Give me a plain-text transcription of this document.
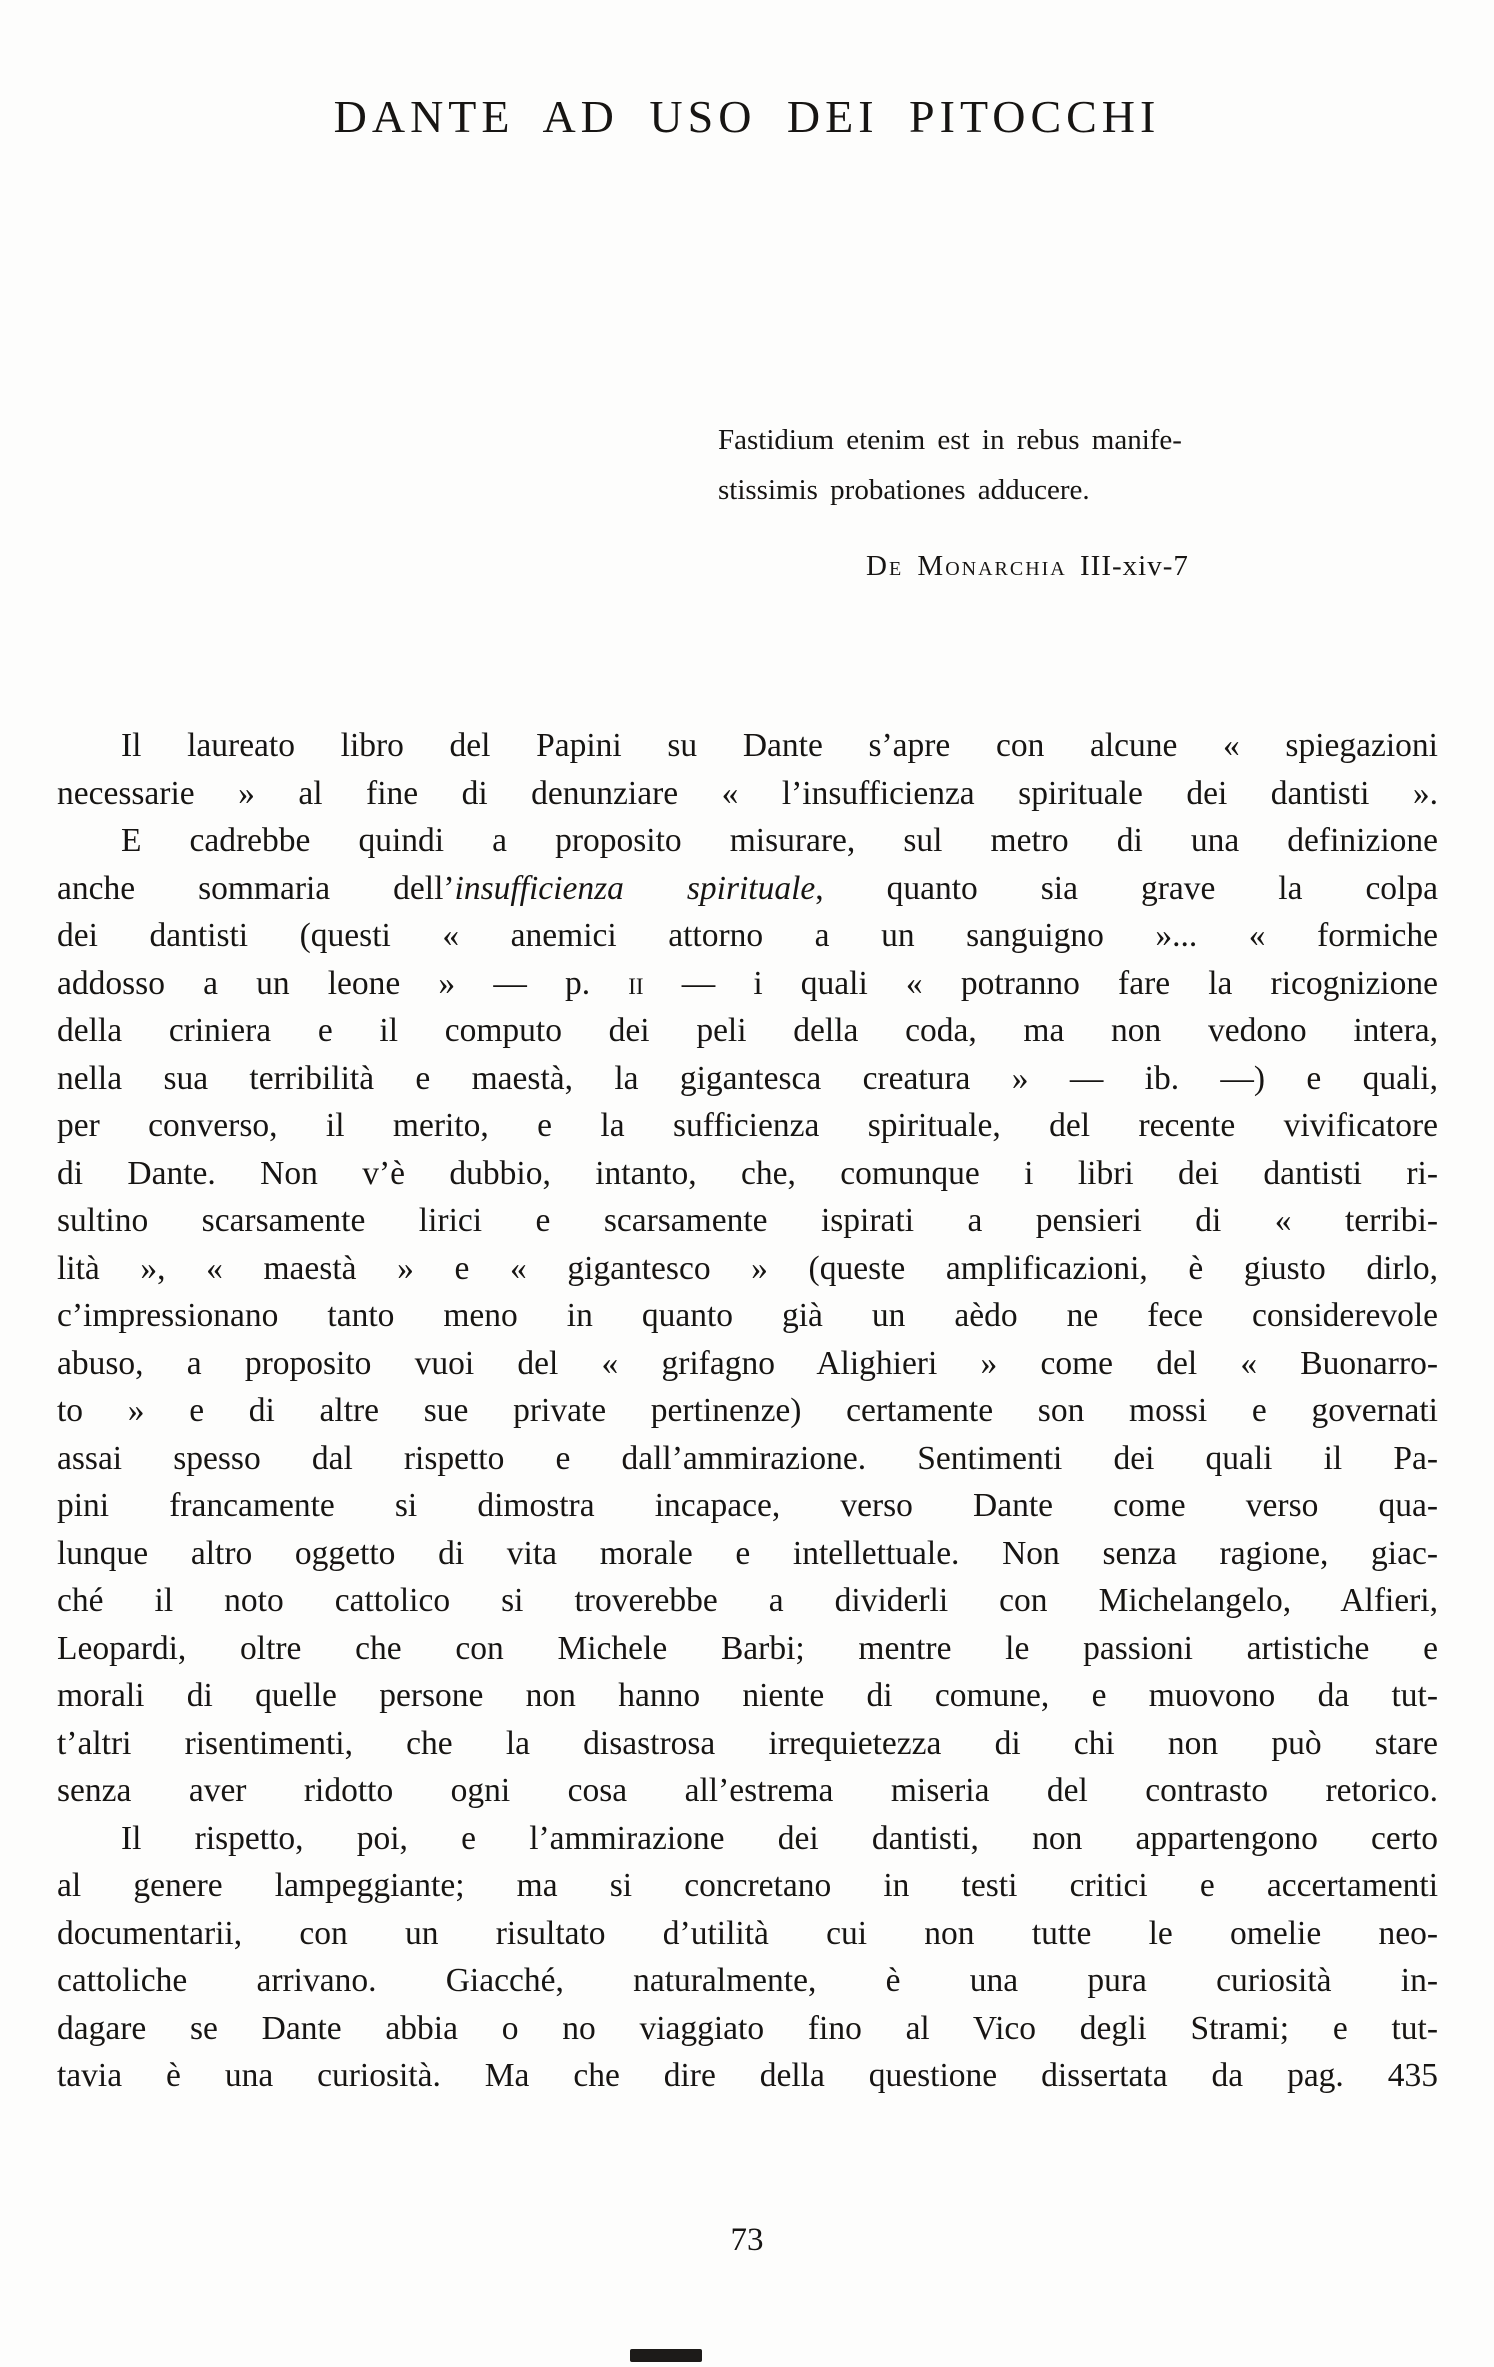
DANTE AD USO DEI PITOCCHI
Fastidium etenim est in rebus manife-
stissimis probationes adducere.
De Monarchia III-xiv-7
Il laureato libro del Papini su Dante s’apre con alcune « spiegazioni
necessarie » al fine di denunziare « l’insufficienza spirituale dei dantisti ».
E cadrebbe quindi a proposito misurare, sul metro di una definizione
anche sommaria dell’insufficienza spirituale, quanto sia grave la colpa
dei dantisti (questi « anemici attorno a un sanguigno »... « formiche
addosso a un leone » — p. ii — i quali « potranno fare la ricognizione
della criniera e il computo dei peli della coda, ma non vedono intera,
nella sua terribilità e maestà, la gigantesca creatura » — ib. —) e quali,
per converso, il merito, e la sufficienza spirituale, del recente vivificatore
di Dante. Non v’è dubbio, intanto, che, comunque i libri dei dantisti ri-
sultino scarsamente lirici e scarsamente ispirati a pensieri di « terribi-
lità », « maestà » e « gigantesco » (queste amplificazioni, è giusto dirlo,
c’impressionano tanto meno in quanto già un aèdo ne fece considerevole
abuso, a proposito vuoi del « grifagno Alighieri » come del « Buonarro-
to » e di altre sue private pertinenze) certamente son mossi e governati
assai spesso dal rispetto e dall’ammirazione. Sentimenti dei quali il Pa-
pini francamente si dimostra incapace, verso Dante come verso qua-
lunque altro oggetto di vita morale e intellettuale. Non senza ragione, giac-
ché il noto cattolico si troverebbe a dividerli con Michelangelo, Alfieri,
Leopardi, oltre che con Michele Barbi; mentre le passioni artistiche e
morali di quelle persone non hanno niente di comune, e muovono da tut-
t’altri risentimenti, che la disastrosa irrequietezza di chi non può stare
senza aver ridotto ogni cosa all’estrema miseria del contrasto retorico.
Il rispetto, poi, e l’ammirazione dei dantisti, non appartengono certo
al genere lampeggiante; ma si concretano in testi critici e accertamenti
documentarii, con un risultato d’utilità cui non tutte le omelie neo-
cattoliche arrivano. Giacché, naturalmente, è una pura curiosità in-
dagare se Dante abbia o no viaggiato fino al Vico degli Strami; e tut-
tavia è una curiosità. Ma che dire della questione dissertata da pag. 435
73
